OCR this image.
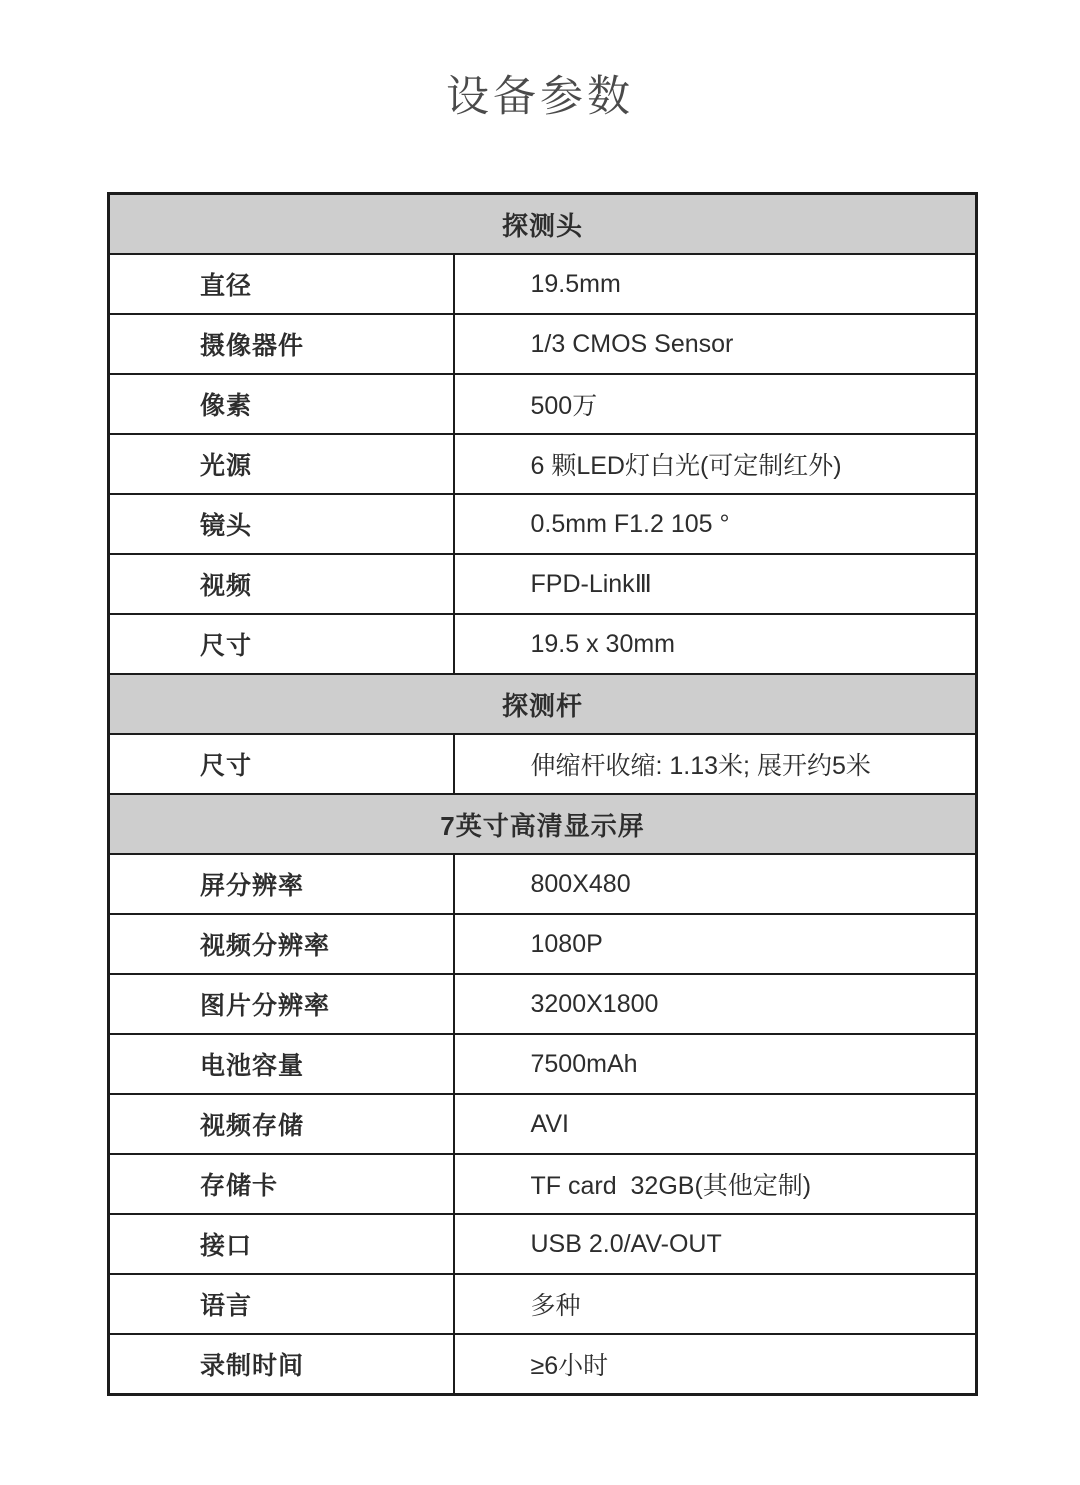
设备参数
探测头	
直径	19.5mm
摄像器件	1/3 CMOS Sensor
像素	500万
光源	6 颗LED灯白光(可定制红外)
镜头	0.5mm F1.2 105 °
视频	FPD-LinkⅢ
尺寸	19.5 x 30mm
探测杆	
尺寸	伸缩杆收缩: 1.13米; 展开约5米
7英寸高清显示屏	
屏分辨率	800X480
视频分辨率	1080P
图片分辨率	3200X1800
电池容量	7500mAh
视频存储	AVI
存储卡	TF card  32GB(其他定制)
接口	USB 2.0/AV-OUT
语言	多种
录制时间	≥6小时
